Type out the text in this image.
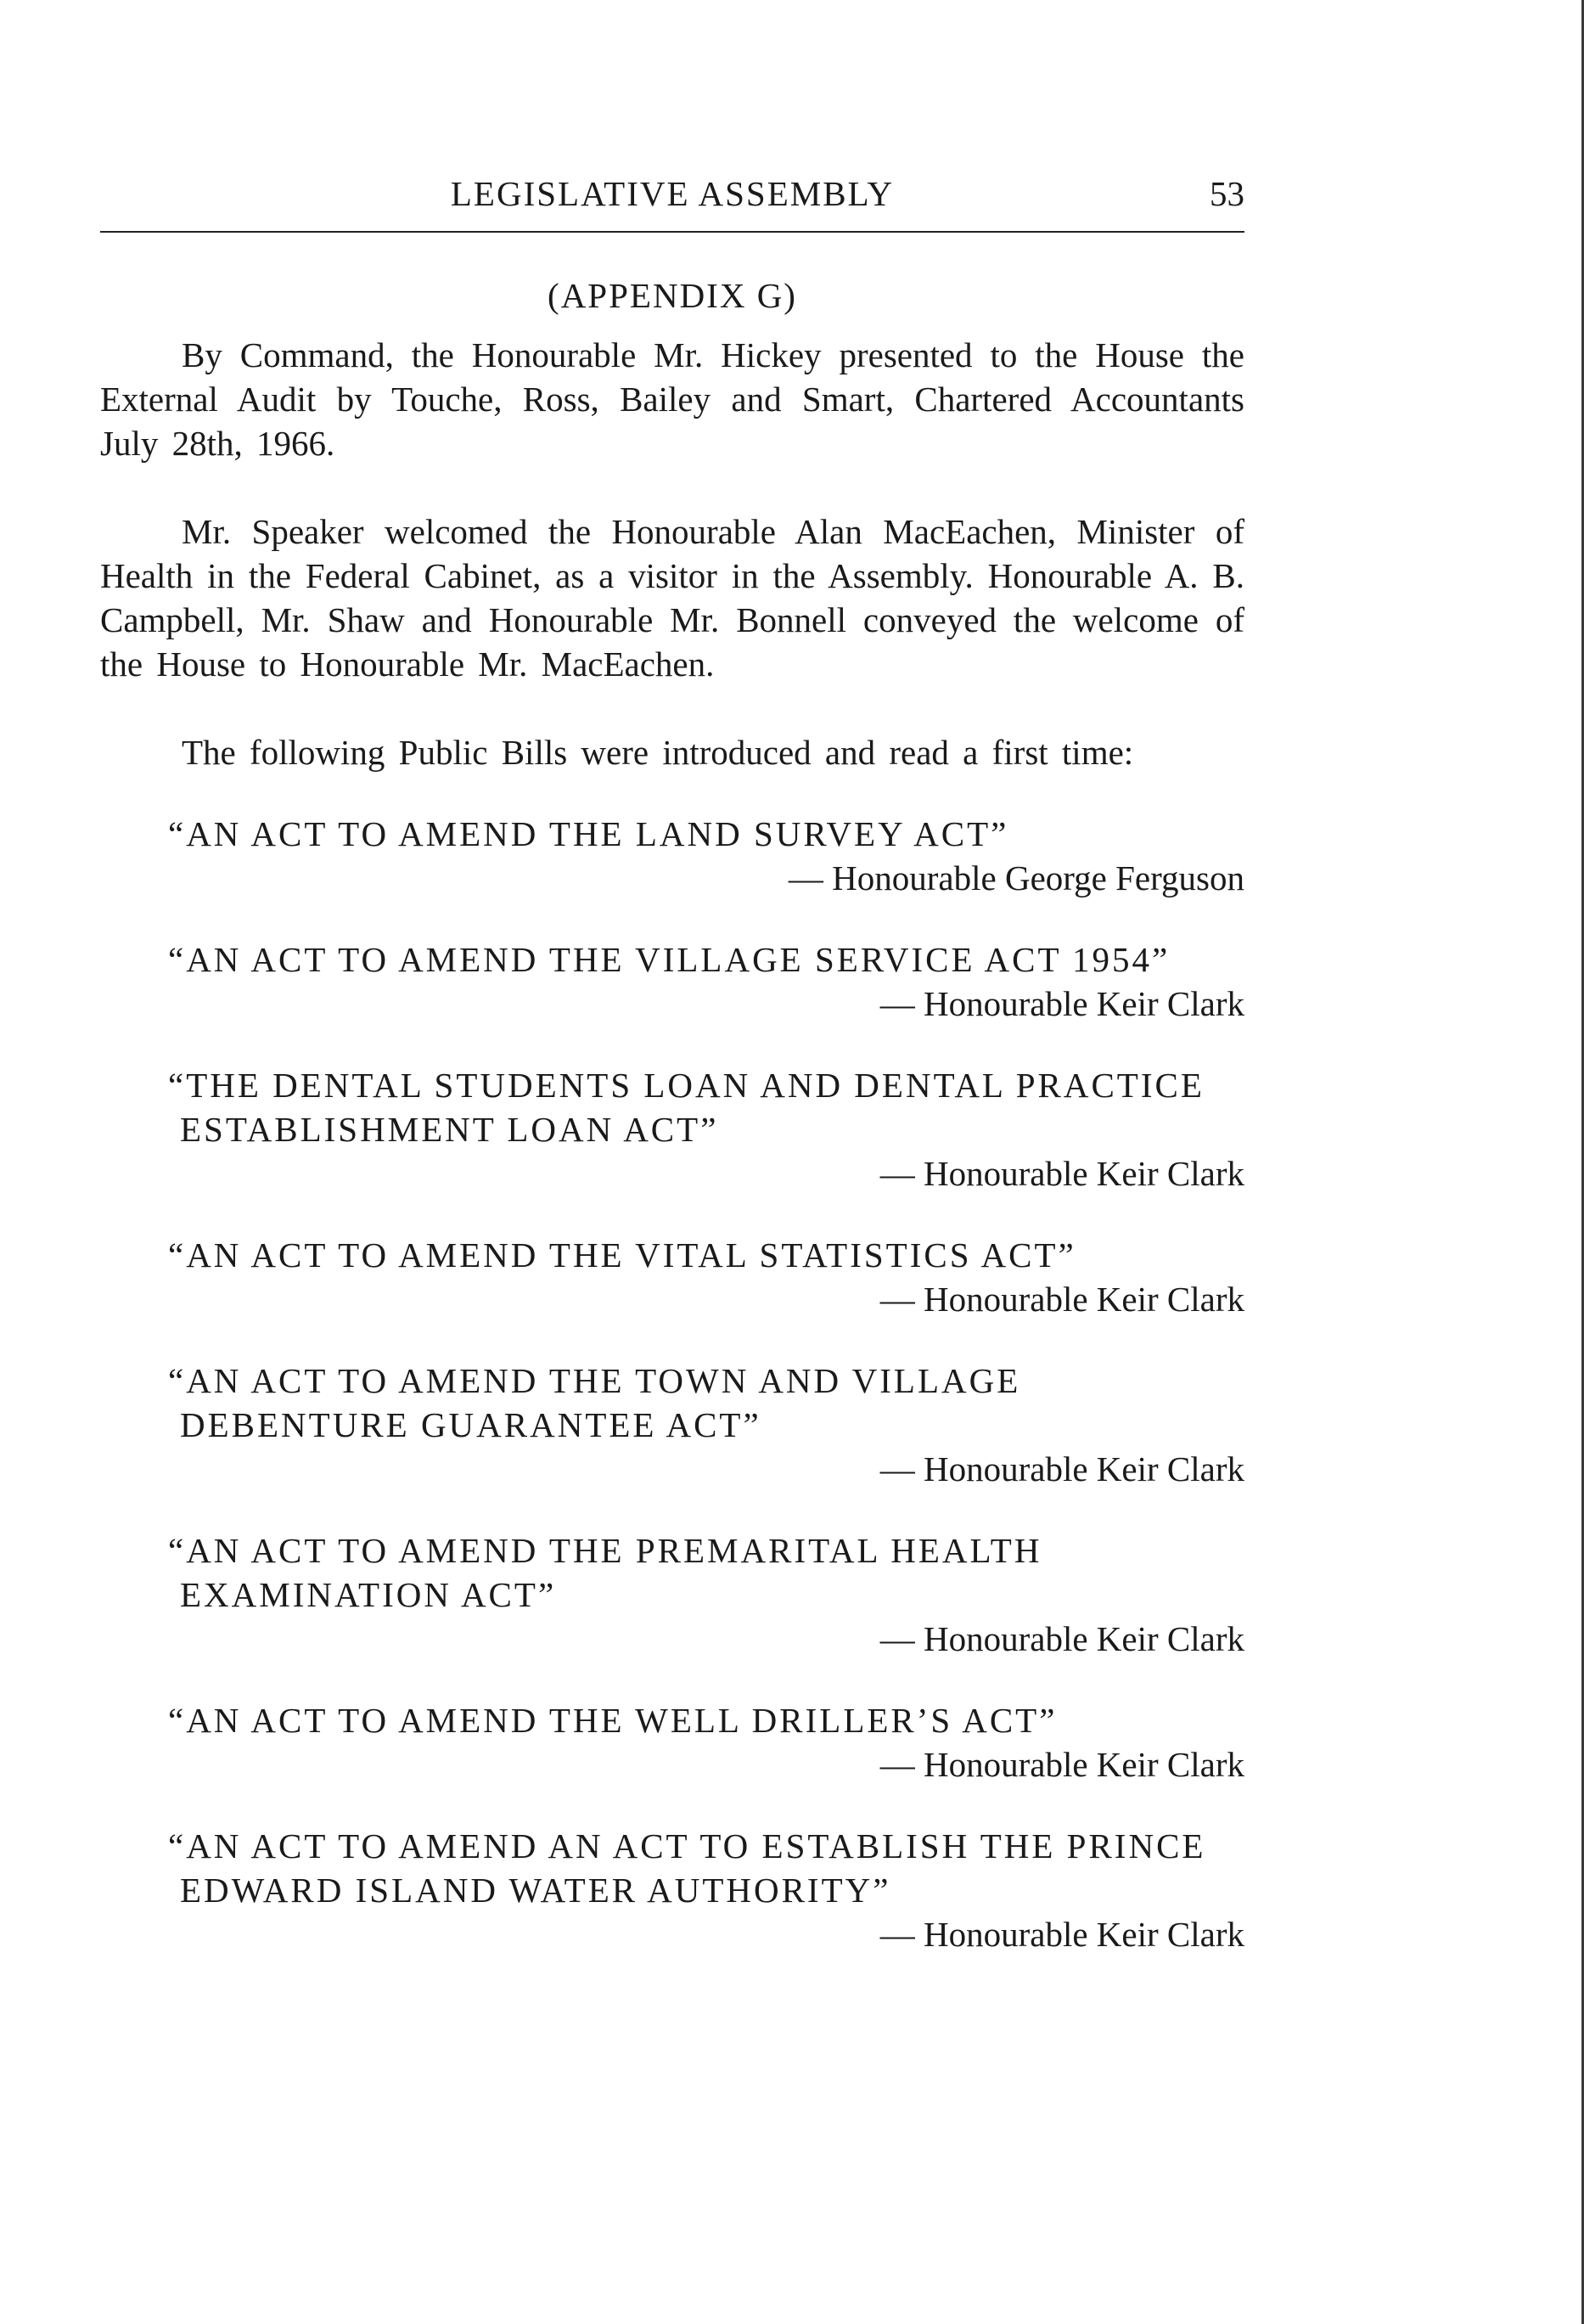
LEGISLATIVE ASSEMBLY	53
(APPENDIX G)

By Command, the Honourable Mr. Hickey presented to the House the External Audit by Touche, Ross, Bailey and Smart, Chartered Accountants July 28th, 1966.

Mr. Speaker welcomed the Honourable Alan MacEachen, Minister of Health in the Federal Cabinet, as a visitor in the Assembly. Honourable A. B. Campbell, Mr. Shaw and Honourable Mr. Bonnell conveyed the welcome of the House to Honourable Mr. MacEachen.

The following Public Bills were introduced and read a first time:

“AN ACT TO AMEND THE LAND SURVEY ACT”
— Honourable George Ferguson
“AN ACT TO AMEND THE VILLAGE SERVICE ACT 1954”
— Honourable Keir Clark
“THE DENTAL STUDENTS LOAN AND DENTAL PRACTICE ESTABLISHMENT LOAN ACT”
— Honourable Keir Clark
“AN ACT TO AMEND THE VITAL STATISTICS ACT”
— Honourable Keir Clark
“AN ACT TO AMEND THE TOWN AND VILLAGE DEBENTURE GUARANTEE ACT”
— Honourable Keir Clark
“AN ACT TO AMEND THE PREMARITAL HEALTH EXAMINATION ACT”
— Honourable Keir Clark
“AN ACT TO AMEND THE WELL DRILLER’S ACT”
— Honourable Keir Clark
“AN ACT TO AMEND AN ACT TO ESTABLISH THE PRINCE EDWARD ISLAND WATER AUTHORITY”
— Honourable Keir Clark
